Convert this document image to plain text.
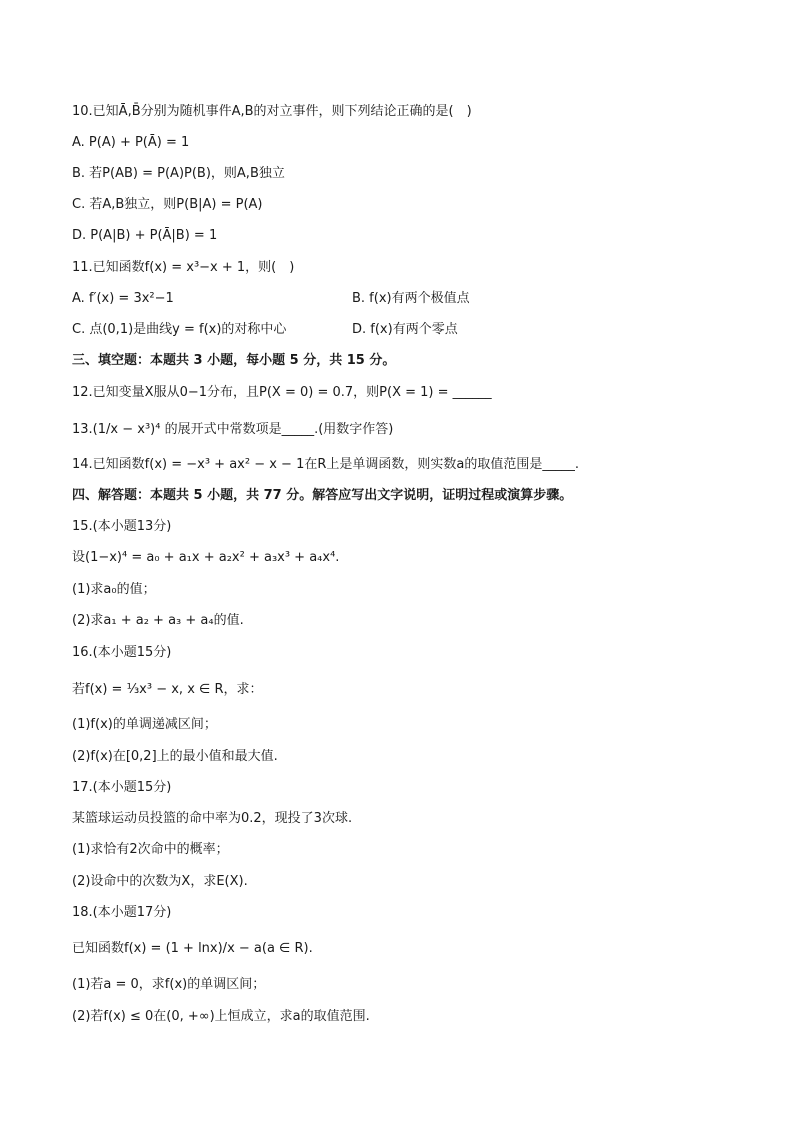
10.已知Ā,B̄分别为随机事件A,B的对立事件，则下列结论正确的是(　)
A. P(A) + P(Ā) = 1
B. 若P(AB) = P(A)P(B)，则A,B独立
C. 若A,B独立，则P(B|A) = P(A)
D. P(A|B) + P(Ā|B) = 1
11.已知函数f(x) = x³−x + 1，则(　)
A. f′(x) = 3x²−1	B. f(x)有两个极值点
C. 点(0,1)是曲线y = f(x)的对称中心	D. f(x)有两个零点
三、填空题：本题共 3 小题，每小题 5 分，共 15 分。
12.已知变量X服从0−1分布，且P(X = 0) = 0.7，则P(X = 1) = ______
13.(1/x − x³)⁴ 的展开式中常数项是_____.(用数字作答)
14.已知函数f(x) = −x³ + ax² − x − 1在R上是单调函数，则实数a的取值范围是_____.
四、解答题：本题共 5 小题，共 77 分。解答应写出文字说明，证明过程或演算步骤。
15.(本小题13分)
设(1−x)⁴ = a₀ + a₁x + a₂x² + a₃x³ + a₄x⁴.
(1)求a₀的值；
(2)求a₁ + a₂ + a₃ + a₄的值.
16.(本小题15分)
若f(x) = ⅓x³ − x, x ∈ R，求：
(1)f(x)的单调递减区间；
(2)f(x)在[0,2]上的最小值和最大值.
17.(本小题15分)
某篮球运动员投篮的命中率为0.2，现投了3次球.
(1)求恰有2次命中的概率；
(2)设命中的次数为X，求E(X).
18.(本小题17分)
已知函数f(x) = (1 + lnx)/x − a(a ∈ R).
(1)若a = 0，求f(x)的单调区间；
(2)若f(x) ≤ 0在(0, +∞)上恒成立，求a的取值范围.
